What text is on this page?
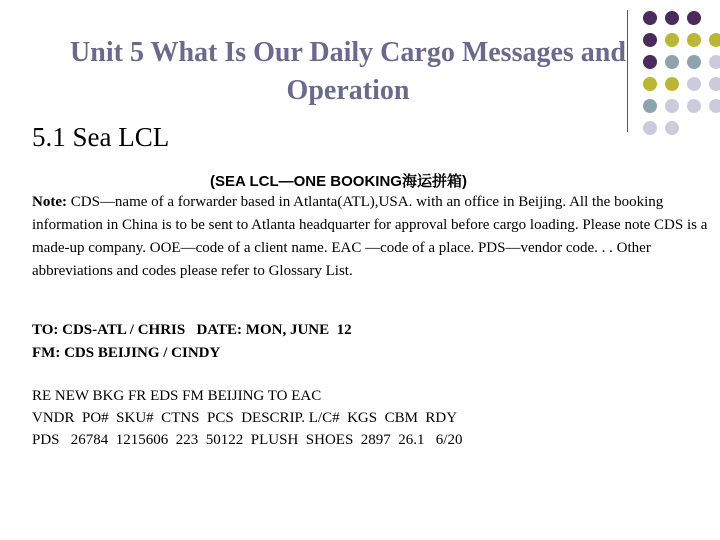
Unit 5 What Is Our Daily Cargo Messages and
Operation
5.1 Sea LCL
(SEA LCL—ONE BOOKING海运拼箱)
Note: CDS—name of a forwarder based in Atlanta(ATL),USA. with an office in Beijing. All the booking information in China is to be sent to Atlanta headquarter for approval before cargo loading. Please note CDS is a made-up company. OOE—code of a client name. EAC —code of a place. PDS—vendor code. . . Other abbreviations and codes please refer to Glossary List.
TO: CDS-ATL / CHRIS   DATE: MON, JUNE  12
FM: CDS BEIJING / CINDY
RE NEW BKG FR EDS FM BEIJING TO EAC
VNDR  PO#  SKU#  CTNS  PCS  DESCRIP. L/C#  KGS  CBM  RDY
PDS   26784  1215606  223  50122  PLUSH  SHOES  2897  26.1   6/20
